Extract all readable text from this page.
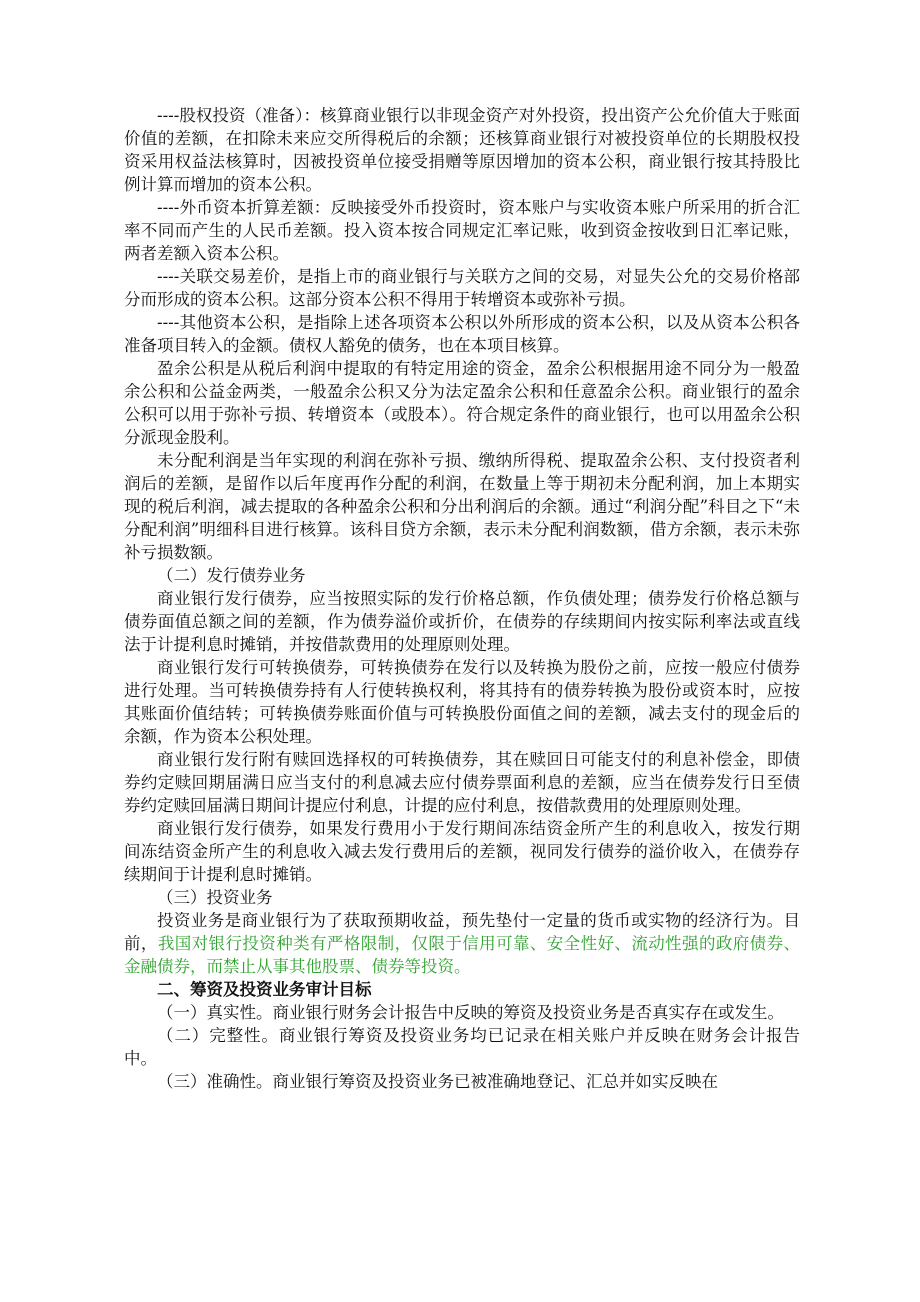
----股权投资（准备）：核算商业银行以非现金资产对外投资，投出资产公允价值大于账面价值的差额，在扣除未来应交所得税后的余额；还核算商业银行对被投资单位的长期股权投资采用权益法核算时，因被投资单位接受捐赠等原因增加的资本公积，商业银行按其持股比例计算而增加的资本公积。

----外币资本折算差额：反映接受外币投资时，资本账户与实收资本账户所采用的折合汇率不同而产生的人民币差额。投入资本按合同规定汇率记账，收到资金按收到日汇率记账，两者差额入资本公积。

----关联交易差价，是指上市的商业银行与关联方之间的交易，对显失公允的交易价格部分而形成的资本公积。这部分资本公积不得用于转增资本或弥补亏损。

----其他资本公积，是指除上述各项资本公积以外所形成的资本公积，以及从资本公积各准备项目转入的金额。债权人豁免的债务，也在本项目核算。

盈余公积是从税后利润中提取的有特定用途的资金，盈余公积根据用途不同分为一般盈余公积和公益金两类，一般盈余公积又分为法定盈余公积和任意盈余公积。商业银行的盈余公积可以用于弥补亏损、转增资本（或股本）。符合规定条件的商业银行，也可以用盈余公积分派现金股利。

未分配利润是当年实现的利润在弥补亏损、缴纳所得税、提取盈余公积、支付投资者利润后的差额，是留作以后年度再作分配的利润，在数量上等于期初未分配利润，加上本期实现的税后利润，减去提取的各种盈余公积和分出利润后的余额。通过“利润分配”科目之下“未分配利润”明细科目进行核算。该科目贷方余额，表示未分配利润数额，借方余额，表示未弥补亏损数额。

（二）发行债券业务

商业银行发行债券，应当按照实际的发行价格总额，作负债处理；债券发行价格总额与债券面值总额之间的差额，作为债券溢价或折价，在债券的存续期间内按实际利率法或直线法于计提利息时摊销，并按借款费用的处理原则处理。

商业银行发行可转换债券，可转换债券在发行以及转换为股份之前，应按一般应付债券进行处理。当可转换债券持有人行使转换权利，将其持有的债券转换为股份或资本时，应按其账面价值结转；可转换债券账面价值与可转换股份面值之间的差额，减去支付的现金后的余额，作为资本公积处理。

商业银行发行附有赎回选择权的可转换债券，其在赎回日可能支付的利息补偿金，即债券约定赎回期届满日应当支付的利息减去应付债券票面利息的差额，应当在债券发行日至债券约定赎回届满日期间计提应付利息，计提的应付利息，按借款费用的处理原则处理。

商业银行发行债券，如果发行费用小于发行期间冻结资金所产生的利息收入，按发行期间冻结资金所产生的利息收入减去发行费用后的差额，视同发行债券的溢价收入，在债券存续期间于计提利息时摊销。

（三）投资业务

投资业务是商业银行为了获取预期收益，预先垫付一定量的货币或实物的经济行为。目前，我国对银行投资种类有严格限制，仅限于信用可靠、安全性好、流动性强的政府债券、金融债券，而禁止从事其他股票、债券等投资。

二、筹资及投资业务审计目标

（一）真实性。商业银行财务会计报告中反映的筹资及投资业务是否真实存在或发生。

（二）完整性。商业银行筹资及投资业务均已记录在相关账户并反映在财务会计报告中。

（三）准确性。商业银行筹资及投资业务已被准确地登记、汇总并如实反映在
